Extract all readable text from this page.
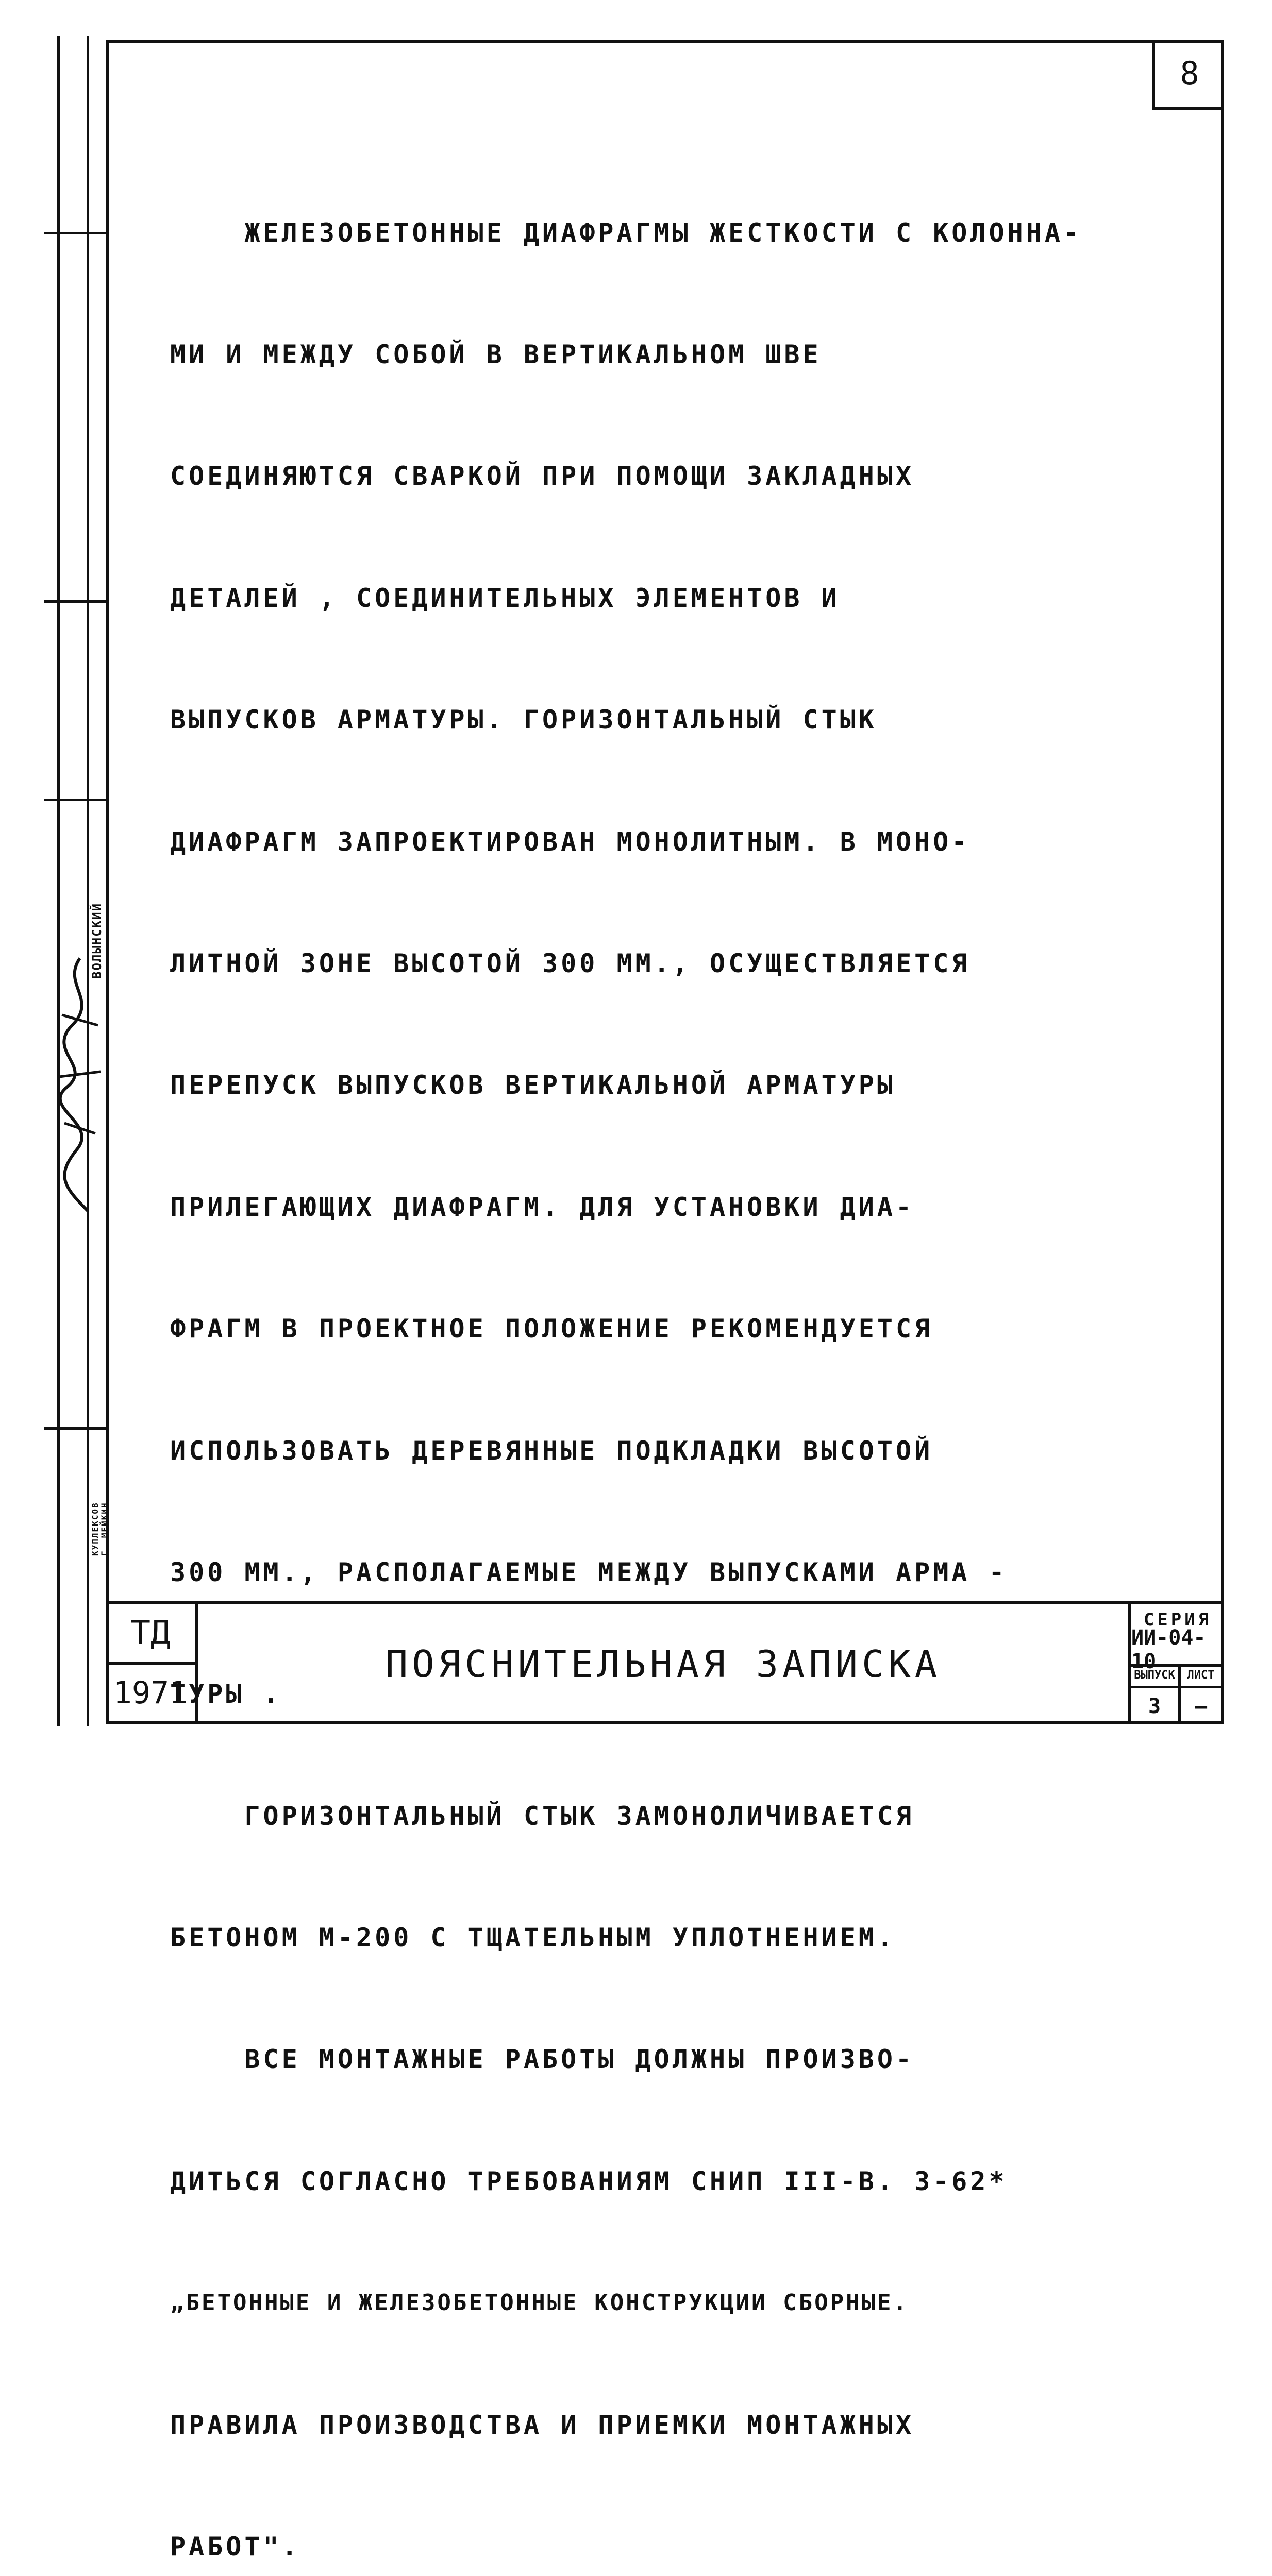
ВОЛЫНСКИЙ
КУПЛЕКСОВ
Г. МЕЙКИН
8

ЖЕЛЕЗОБЕТОННЫЕ ДИАФРАГМЫ ЖЕСТКОСТИ С КОЛОННА-

МИ И МЕЖДУ СОБОЙ В ВЕРТИКАЛЬНОМ ШВЕ

СОЕДИНЯЮТСЯ СВАРКОЙ ПРИ ПОМОЩИ ЗАКЛАДНЫХ

ДЕТАЛЕЙ , СОЕДИНИТЕЛЬНЫХ ЭЛЕМЕНТОВ И

ВЫПУСКОВ АРМАТУРЫ. ГОРИЗОНТАЛЬНЫЙ СТЫК

ДИАФРАГМ ЗАПРОЕКТИРОВАН МОНОЛИТНЫМ. В МОНО-

ЛИТНОЙ ЗОНЕ ВЫСОТОЙ 300 ММ., ОСУЩЕСТВЛЯЕТСЯ

ПЕРЕПУСК ВЫПУСКОВ ВЕРТИКАЛЬНОЙ АРМАТУРЫ

ПРИЛЕГАЮЩИХ ДИАФРАГМ. ДЛЯ УСТАНОВКИ ДИА-

ФРАГМ В ПРОЕКТНОЕ ПОЛОЖЕНИЕ РЕКОМЕНДУЕТСЯ

ИСПОЛЬЗОВАТЬ ДЕРЕВЯННЫЕ ПОДКЛАДКИ ВЫСОТОЙ

300 ММ., РАСПОЛАГАЕМЫЕ МЕЖДУ ВЫПУСКАМИ АРМА -

ТУРЫ .

ГОРИЗОНТАЛЬНЫЙ СТЫК ЗАМОНОЛИЧИВАЕТСЯ

БЕТОНОМ М-200 С ТЩАТЕЛЬНЫМ УПЛОТНЕНИЕМ.

ВСЕ МОНТАЖНЫЕ РАБОТЫ ДОЛЖНЫ ПРОИЗВО-

ДИТЬСЯ СОГЛАСНО ТРЕБОВАНИЯМ СНИП III-В. 3-62*

„БЕТОННЫЕ И ЖЕЛЕЗОБЕТОННЫЕ КОНСТРУКЦИИ СБОРНЫЕ.

ПРАВИЛА ПРОИЗВОДСТВА И ПРИЕМКИ МОНТАЖНЫХ

РАБОТ".

ТД
1971
ПОЯСНИТЕЛЬНАЯ ЗАПИСКА
СЕРИЯ
ИИ-04-10
ВЫПУСК
3
ЛИСТ
—
